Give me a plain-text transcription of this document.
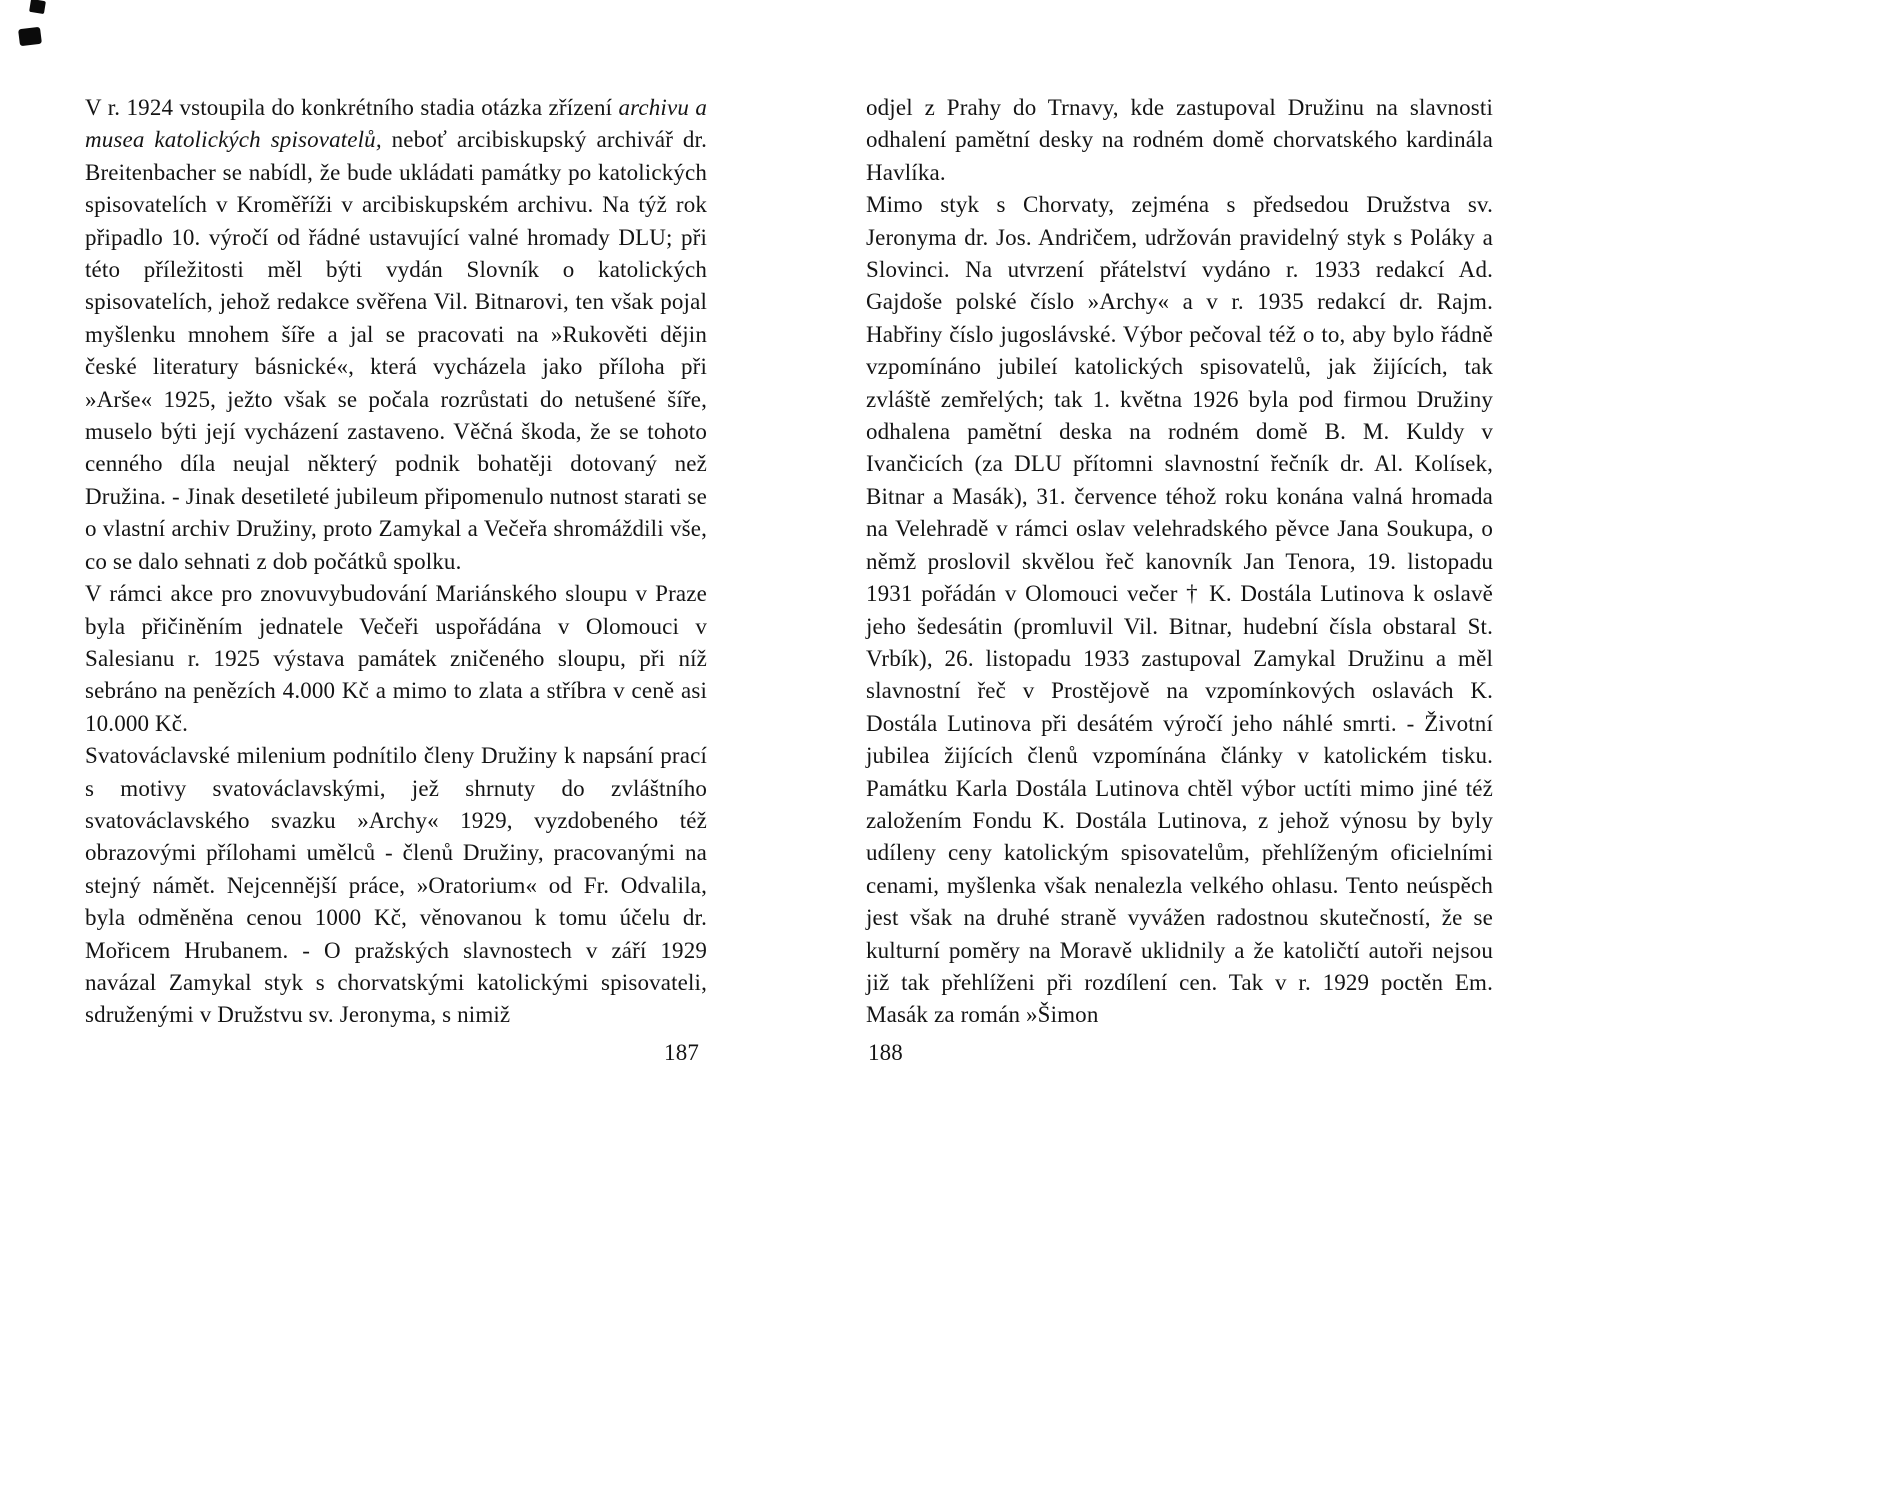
V r. 1924 vstoupila do konkrétního stadia otázka zřízení archivu a musea katolických spisovatelů, neboť arcibiskupský archivář dr. Breitenbacher se nabídl, že bude ukládati památky po katolických spisovatelích v Kroměříži v arcibiskupském archivu. Na týž rok připadlo 10. výročí od řádné ustavující valné hromady DLU; při této příležitosti měl býti vydán Slovník o katolických spisovatelích, jehož redakce svěřena Vil. Bitnarovi, ten však pojal myšlenku mnohem šíře a jal se pracovati na »Rukověti dějin české literatury básnické«, která vycházela jako příloha při »Arše« 1925, ježto však se počala rozrůstati do netušené šíře, muselo býti její vycházení zastaveno. Věčná škoda, že se tohoto cenného díla neujal některý podnik bohatěji dotovaný než Družina. - Jinak desetileté jubileum připomenulo nutnost starati se o vlastní archiv Družiny, proto Zamykal a Večeřa shromáždili vše, co se dalo sehnati z dob počátků spolku.

V rámci akce pro znovuvybudování Mariánského sloupu v Praze byla přičiněním jednatele Večeři uspořádána v Olomouci v Salesianu r. 1925 výstava památek zničeného sloupu, při níž sebráno na penězích 4.000 Kč a mimo to zlata a stříbra v ceně asi 10.000 Kč.

Svatováclavské milenium podnítilo členy Družiny k napsání prací s motivy svatováclavskými, jež shrnuty do zvláštního svatováclavského svazku »Archy« 1929, vyzdobeného též obrazovými přílohami umělců - členů Družiny, pracovanými na stejný námět. Nejcennější práce, »Oratorium« od Fr. Odvalila, byla odměněna cenou 1000 Kč, věnovanou k tomu účelu dr. Mořicem Hrubanem. - O pražských slavnostech v září 1929 navázal Zamykal styk s chorvatskými katolickými spisovateli, sdruženými v Družstvu sv. Jeronyma, s nimiž

187

odjel z Prahy do Trnavy, kde zastupoval Družinu na slavnosti odhalení pamětní desky na rodném domě chorvatského kardinála Havlíka.

Mimo styk s Chorvaty, zejména s předsedou Družstva sv. Jeronyma dr. Jos. Andričem, udržován pravidelný styk s Poláky a Slovinci. Na utvrzení přátelství vydáno r. 1933 redakcí Ad. Gajdoše polské číslo »Archy« a v r. 1935 redakcí dr. Rajm. Habřiny číslo jugoslávské. Výbor pečoval též o to, aby bylo řádně vzpomínáno jubileí katolických spisovatelů, jak žijících, tak zvláště zemřelých; tak 1. května 1926 byla pod firmou Družiny odhalena pamětní deska na rodném domě B. M. Kuldy v Ivančicích (za DLU přítomni slavnostní řečník dr. Al. Kolísek, Bitnar a Masák), 31. července téhož roku konána valná hromada na Velehradě v rámci oslav velehradského pěvce Jana Soukupa, o němž proslovil skvělou řeč kanovník Jan Tenora, 19. listopadu 1931 pořádán v Olomouci večer † K. Dostála Lutinova k oslavě jeho šedesátin (promluvil Vil. Bitnar, hudební čísla obstaral St. Vrbík), 26. listopadu 1933 zastupoval Zamykal Družinu a měl slavnostní řeč v Prostějově na vzpomínkových oslavách K. Dostála Lutinova při desátém výročí jeho náhlé smrti. - Životní jubilea žijících členů vzpomínána články v katolickém tisku. Památku Karla Dostála Lutinova chtěl výbor uctíti mimo jiné též založením Fondu K. Dostála Lutinova, z jehož výnosu by byly udíleny ceny katolickým spisovatelům, přehlíženým oficielními cenami, myšlenka však nenalezla velkého ohlasu. Tento neúspěch jest však na druhé straně vyvážen radostnou skutečností, že se kulturní poměry na Moravě uklidnily a že katoličtí autoři nejsou již tak přehlíženi při rozdílení cen. Tak v r. 1929 poctěn Em. Masák za román »Šimon

188
